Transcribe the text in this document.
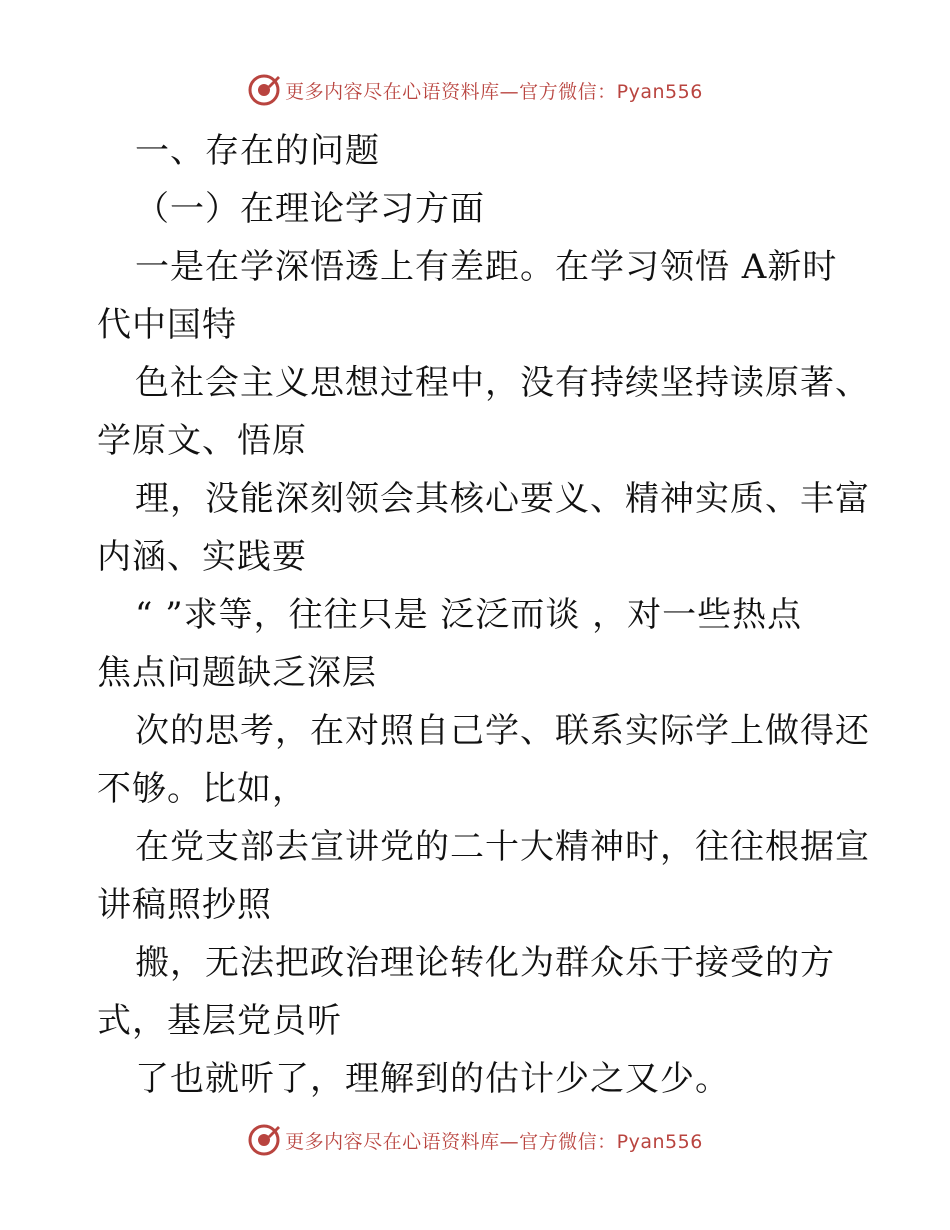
更多内容尽在心语资料库—官方微信：Pyan556

一、存在的问题

（一）在理论学习方面

一是在学深悟透上有差距。在学习领悟 A新时

代中国特

色社会主义思想过程中，没有持续坚持读原著、

学原文、悟原

理，没能深刻领会其核心要义、精神实质、丰富

内涵、实践要

“ ”求等，往往只是 泛泛而谈 ，对一些热点

焦点问题缺乏深层

次的思考，在对照自己学、联系实际学上做得还

不够。比如，

在党支部去宣讲党的二十大精神时，往往根据宣

讲稿照抄照

搬，无法把政治理论转化为群众乐于接受的方

式，基层党员听

了也就听了，理解到的估计少之又少。

更多内容尽在心语资料库—官方微信：Pyan556
